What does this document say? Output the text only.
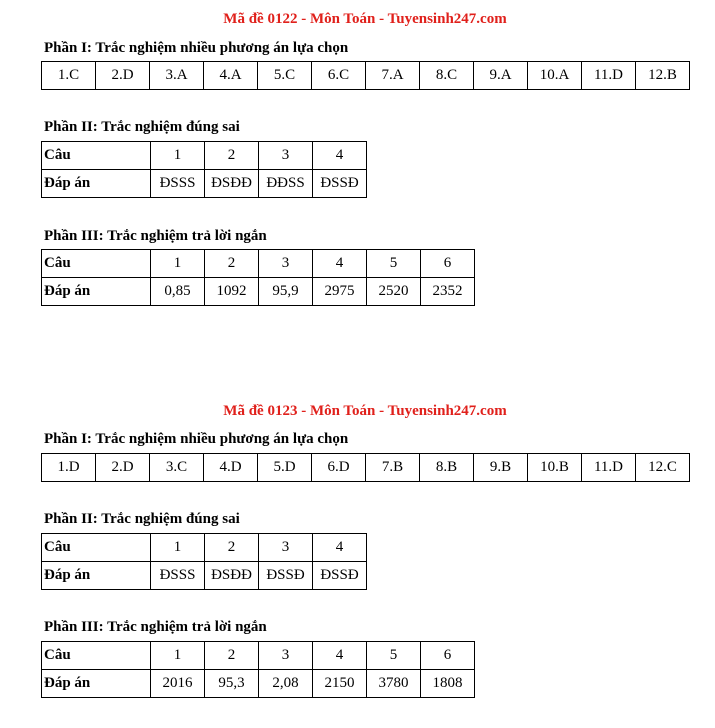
Mã đề 0122 - Môn Toán - Tuyensinh247.com
Phần I: Trắc nghiệm nhiều phương án lựa chọn
1.C	2.D	3.A	4.A	5.C	6.C	7.A	8.C	9.A	10.A	11.D	12.B
Phần II: Trắc nghiệm đúng sai
Câu	1	2	3	4
Đáp án	ĐSSS	ĐSĐĐ	ĐĐSS	ĐSSĐ
Phần III: Trắc nghiệm trả lời ngắn
Câu	1	2	3	4	5	6
Đáp án	0,85	1092	95,9	2975	2520	2352
Mã đề 0123 - Môn Toán - Tuyensinh247.com
Phần I: Trắc nghiệm nhiều phương án lựa chọn
1.D	2.D	3.C	4.D	5.D	6.D	7.B	8.B	9.B	10.B	11.D	12.C
Phần II: Trắc nghiệm đúng sai
Câu	1	2	3	4
Đáp án	ĐSSS	ĐSĐĐ	ĐSSĐ	ĐSSĐ
Phần III: Trắc nghiệm trả lời ngắn
Câu	1	2	3	4	5	6
Đáp án	2016	95,3	2,08	2150	3780	1808
